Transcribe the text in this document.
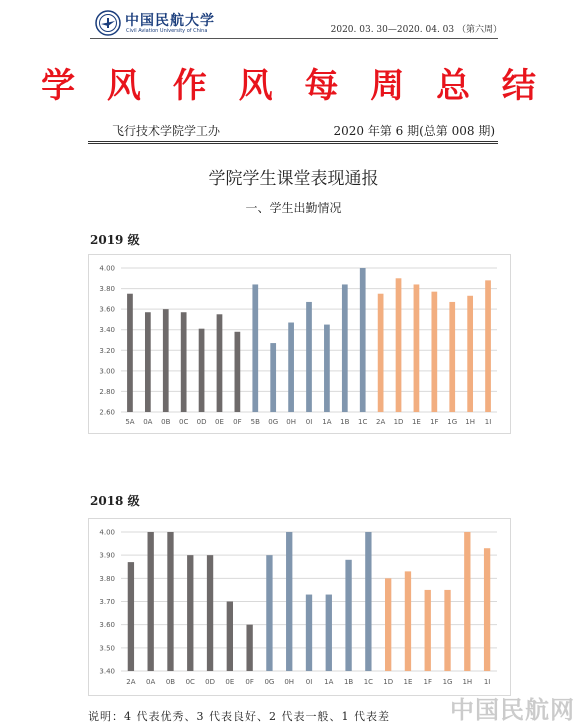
中国民航大学
Civil Aviation University of China	2020. 03. 30—2020. 04. 03 （第六周）
学 风 作 风 每 周 总 结
飞行技术学院学工办	2020 年第 6 期(总第 008 期)
学院学生课堂表现通报
一、学生出勤情况
2019 级
2.60
2.80
3.00
3.20
3.40
3.60
3.80
4.00
5A 0A 0B 0C 0D 0E 0F 5B 0G 0H 0I 1A 1B 1C 2A 1D 1E 1F 1G 1H 1I
2018 级
3.40
3.50
3.60
3.70
3.80
3.90
4.00
2A 0A 0B 0C 0D 0E 0F 0G 0H 0I 1A 1B 1C 1D 1E 1F 1G 1H 1I
说明：4 代表优秀、3 代表良好、2 代表一般、1 代表差	中国民航网
